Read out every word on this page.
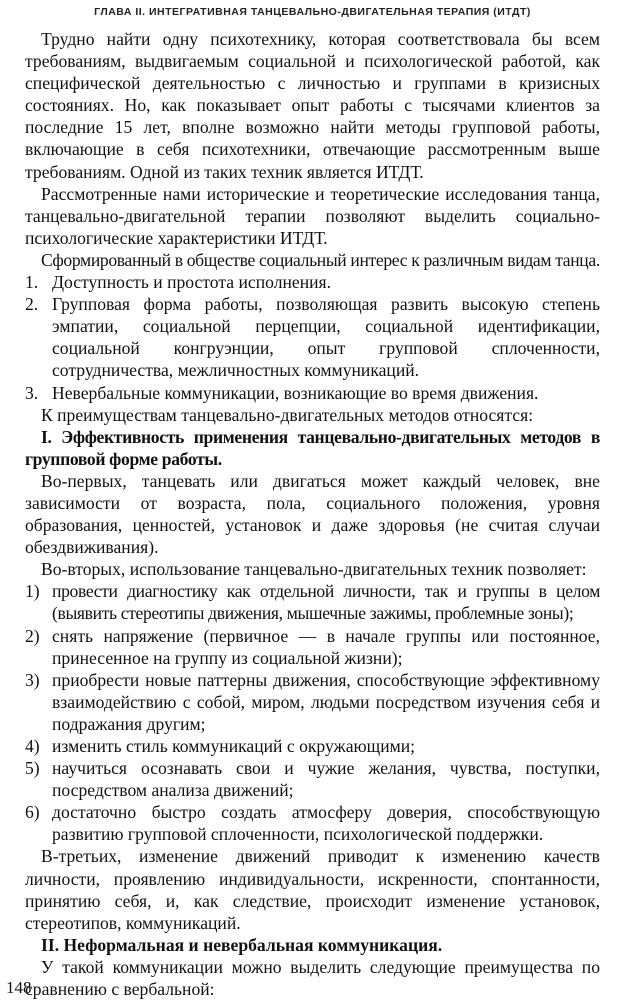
ГЛАВА II. ИНТЕГРАТИВНАЯ ТАНЦЕВАЛЬНО-ДВИГАТЕЛЬНАЯ ТЕРАПИЯ (ИТДТ)

Трудно найти одну психотехнику, которая соответствовала бы всем требованиям, выдвигаемым социальной и психологической работой, как специфической деятельностью с личностью и группами в кризисных состояниях. Но, как показывает опыт работы с тысячами клиентов за последние 15 лет, вполне возможно найти методы групповой работы, включающие в себя психотехники, отвечающие рассмотренным выше требованиям. Одной из таких техник является ИТДТ.

Рассмотренные нами исторические и теоретические исследования танца, танцевально-двигательной терапии позволяют выделить социально-психологические характеристики ИТДТ.

Сформированный в обществе социальный интерес к различным видам танца.

1. Доступность и простота исполнения.
2. Групповая форма работы, позволяющая развить высокую степень эмпатии, социальной перцепции, социальной идентификации, социальной конгруэнции, опыт групповой сплоченности, сотрудничества, межличностных коммуникаций.
3. Невербальные коммуникации, возникающие во время движения.

К преимуществам танцевально-двигательных методов относятся:

I. Эффективность применения танцевально-двигательных методов в групповой форме работы.

Во-первых, танцевать или двигаться может каждый человек, вне зависимости от возраста, пола, социального положения, уровня образования, ценностей, установок и даже здоровья (не считая случаи обездвиживания).

Во-вторых, использование танцевально-двигательных техник позволяет:

1) провести диагностику как отдельной личности, так и группы в целом (выявить стереотипы движения, мышечные зажимы, проблемные зоны);
2) снять напряжение (первичное — в начале группы или постоянное, принесенное на группу из социальной жизни);
3) приобрести новые паттерны движения, способствующие эффективному взаимодействию с собой, миром, людьми посредством изучения себя и подражания другим;
4) изменить стиль коммуникаций с окружающими;
5) научиться осознавать свои и чужие желания, чувства, поступки, посредством анализа движений;
6) достаточно быстро создать атмосферу доверия, способствующую развитию групповой сплоченности, психологической поддержки.

В-третьих, изменение движений приводит к изменению качеств личности, проявлению индивидуальности, искренности, спонтанности, принятию себя, и, как следствие, происходит изменение установок, стереотипов, коммуникаций.

II. Неформальная и невербальная коммуникация.

У такой коммуникации можно выделить следующие преимущества по сравнению с вербальной:

148
